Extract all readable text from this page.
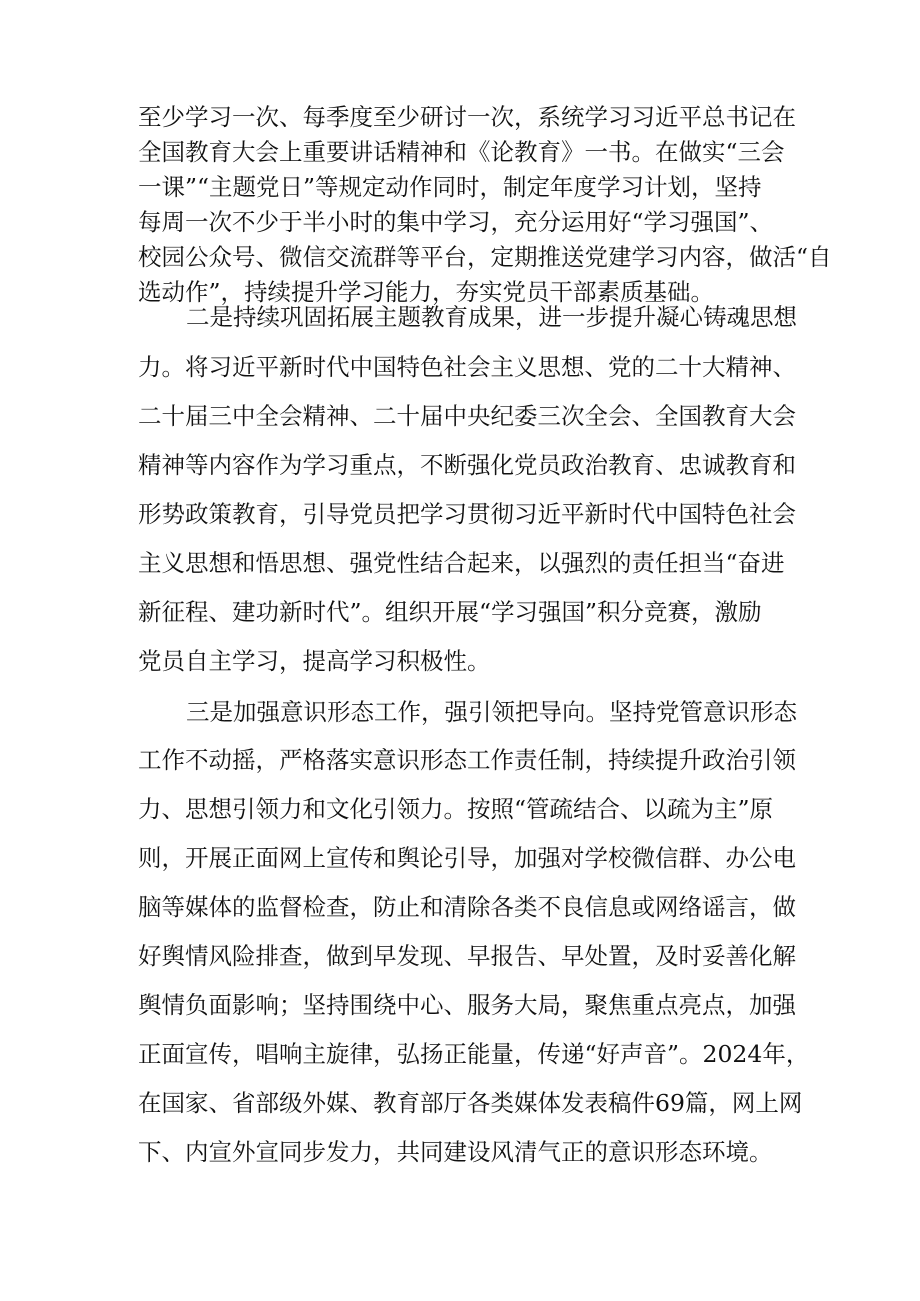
至少学习一次、每季度至少研讨一次，系统学习习近平总书记在
全国教育大会上重要讲话精神和《论教育》一书。在做实“三会
一课”“主题党日”等规定动作同时，制定年度学习计划，坚持
每周一次不少于半小时的集中学习，充分运用好“学习强国”、
校园公众号、微信交流群等平台，定期推送党建学习内容，做活“自
选动作”，持续提升学习能力，夯实党员干部素质基础。
二是持续巩固拓展主题教育成果，进一步提升凝心铸魂思想
力。将习近平新时代中国特色社会主义思想、党的二十大精神、
二十届三中全会精神、二十届中央纪委三次全会、全国教育大会
精神等内容作为学习重点，不断强化党员政治教育、忠诚教育和
形势政策教育，引导党员把学习贯彻习近平新时代中国特色社会
主义思想和悟思想、强党性结合起来，以强烈的责任担当“奋进
新征程、建功新时代”。组织开展“学习强国”积分竞赛，激励
党员自主学习，提高学习积极性。
三是加强意识形态工作，强引领把导向。坚持党管意识形态
工作不动摇，严格落实意识形态工作责任制，持续提升政治引领
力、思想引领力和文化引领力。按照“管疏结合、以疏为主”原
则，开展正面网上宣传和舆论引导，加强对学校微信群、办公电
脑等媒体的监督检查，防止和清除各类不良信息或网络谣言，做
好舆情风险排查，做到早发现、早报告、早处置，及时妥善化解
舆情负面影响；坚持围绕中心、服务大局，聚焦重点亮点，加强
正面宣传，唱响主旋律，弘扬正能量，传递“好声音”。2024年，
在国家、省部级外媒、教育部厅各类媒体发表稿件69篇，网上网
下、内宣外宣同步发力，共同建设风清气正的意识形态环境。
